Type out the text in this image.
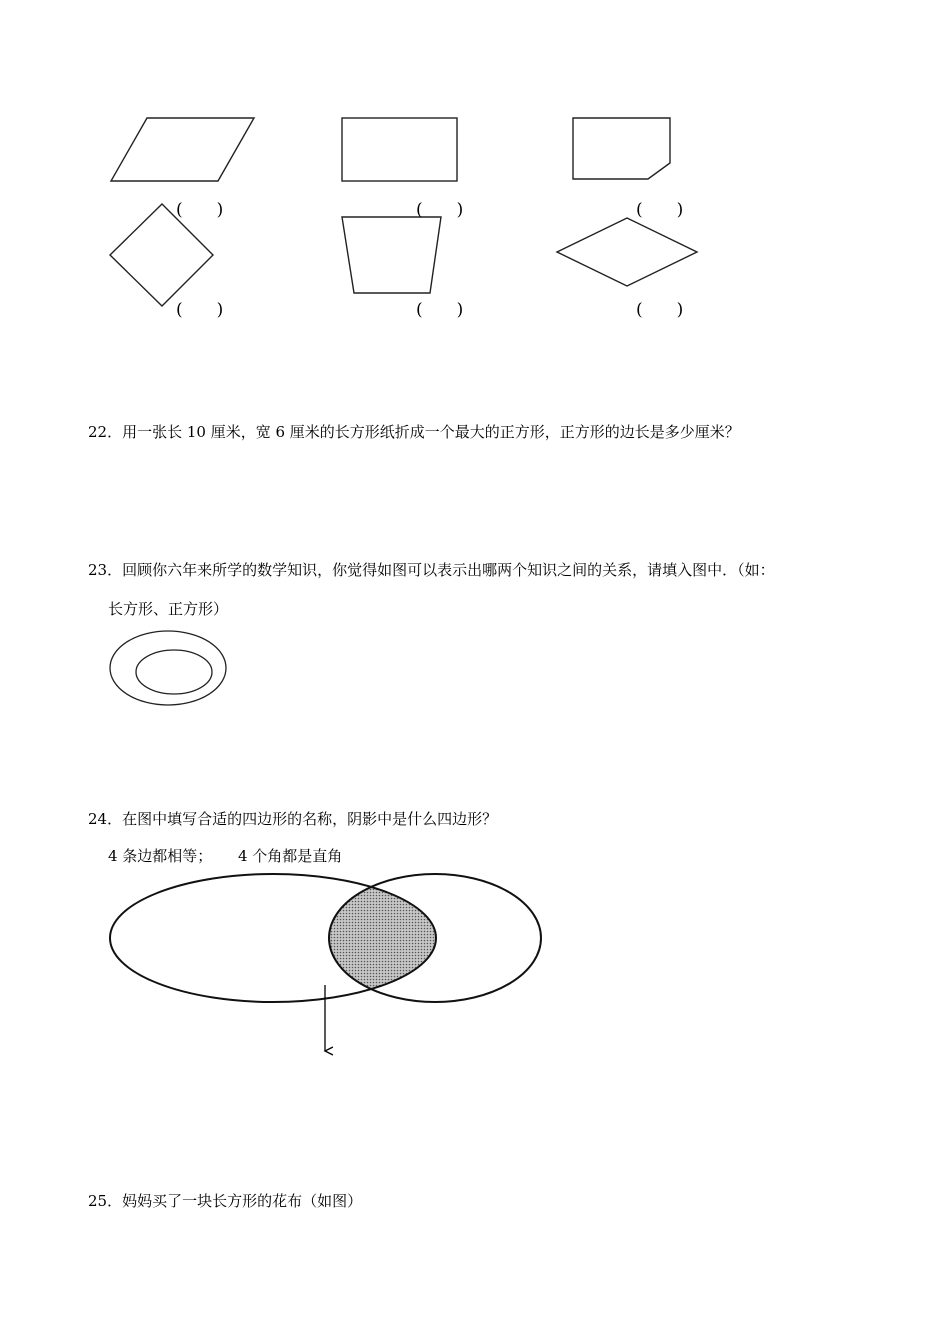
(　　)	(　　)	(　　)
(　　)	(　　)	(　　)
22．用一张长 10 厘米，宽 6 厘米的长方形纸折成一个最大的正方形，正方形的边长是多少厘米？
23．回顾你六年来所学的数学知识，你觉得如图可以表示出哪两个知识之间的关系，请填入图中．（如：
长方形、正方形）
24．在图中填写合适的四边形的名称，阴影中是什么四边形？
4 条边都相等； 4 个角都是直角
25．妈妈买了一块长方形的花布（如图）
